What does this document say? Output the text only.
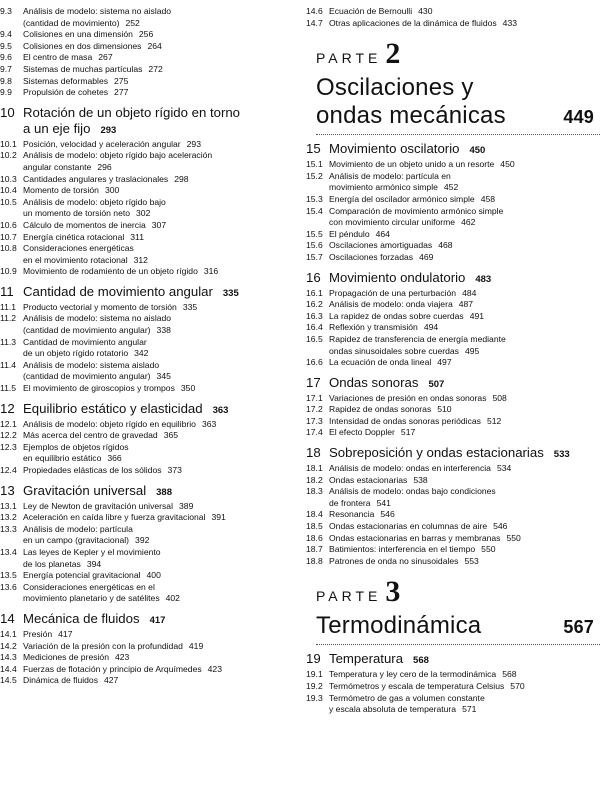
9.3	Análisis de modelo: sistema no aislado
(cantidad de movimiento) 252
9.4	Colisiones en una dimensión 256
9.5	Colisiones en dos dimensiones 264
9.6	El centro de masa 267
9.7	Sistemas de muchas partículas 272
9.8	Sistemas deformables 275
9.9	Propulsión de cohetes 277
10 Rotación de un objeto rígido en torno
a un eje fijo 293
10.1 Posición, velocidad y aceleración angular 293
10.2 Análisis de modelo: objeto rígido bajo aceleración
angular constante 296
10.3 Cantidades angulares y traslacionales 298
10.4 Momento de torsión 300
10.5 Análisis de modelo: objeto rígido bajo
un momento de torsión neto 302
10.6 Cálculo de momentos de inercia 307
10.7 Energía cinética rotacional 311
10.8 Consideraciones energéticas
en el movimiento rotacional 312
10.9 Movimiento de rodamiento de un objeto rígido 316
11 Cantidad de movimiento angular 335
11.1 Producto vectorial y momento de torsión 335
11.2 Análisis de modelo: sistema no aislado
(cantidad de movimiento angular) 338
11.3 Cantidad de movimiento angular
de un objeto rígido rotatorio 342
11.4 Análisis de modelo: sistema aislado
(cantidad de movimiento angular) 345
11.5 El movimiento de giroscopios y trompos 350
12 Equilibrio estático y elasticidad 363
12.1 Análisis de modelo: objeto rígido en equilibrio 363
12.2 Más acerca del centro de gravedad 365
12.3 Ejemplos de objetos rígidos
en equilibrio estático 366
12.4 Propiedades elásticas de los sólidos 373
13 Gravitación universal 388
13.1 Ley de Newton de gravitación universal 389
13.2 Aceleración en caída libre y fuerza gravitacional 391
13.3 Análisis de modelo: partícula
en un campo (gravitacional) 392
13.4 Las leyes de Kepler y el movimiento
de los planetas 394
13.5 Energía potencial gravitacional 400
13.6 Consideraciones energéticas en el
movimiento planetario y de satélites 402
14 Mecánica de fluidos 417
14.1 Presión 417
14.2 Variación de la presión con la profundidad 419
14.3 Mediciones de presión 423
14.4 Fuerzas de flotación y principio de Arquímedes 423
14.5 Dinámica de fluidos 427
14.6 Ecuación de Bernoulli 430
14.7 Otras aplicaciones de la dinámica de fluidos 433
PARTE 2
Oscilaciones y
ondas mecánicas	449
15 Movimiento oscilatorio 450
15.1 Movimiento de un objeto unido a un resorte 450
15.2 Análisis de modelo: partícula en
movimiento armónico simple 452
15.3 Energía del oscilador armónico simple 458
15.4 Comparación de movimiento armónico simple
con movimiento circular uniforme 462
15.5 El péndulo 464
15.6 Oscilaciones amortiguadas 468
15.7 Oscilaciones forzadas 469
16 Movimiento ondulatorio 483
16.1 Propagación de una perturbación 484
16.2 Análisis de modelo: onda viajera 487
16.3 La rapidez de ondas sobre cuerdas 491
16.4 Reflexión y transmisión 494
16.5 Rapidez de transferencia de energía mediante
ondas sinusoidales sobre cuerdas 495
16.6 La ecuación de onda lineal 497
17 Ondas sonoras 507
17.1 Variaciones de presión en ondas sonoras 508
17.2 Rapidez de ondas sonoras 510
17.3 Intensidad de ondas sonoras periódicas 512
17.4 El efecto Doppler 517
18 Sobreposición y ondas estacionarias 533
18.1 Análisis de modelo: ondas en interferencia 534
18.2 Ondas estacionarias 538
18.3 Análisis de modelo: ondas bajo condiciones
de frontera 541
18.4 Resonancia 546
18.5 Ondas estacionarias en columnas de aire 546
18.6 Ondas estacionarias en barras y membranas 550
18.7 Batimientos: interferencia en el tiempo 550
18.8 Patrones de onda no sinusoidales 553
PARTE 3
Termodinámica	567
19 Temperatura 568
19.1 Temperatura y ley cero de la termodinámica 568
19.2 Termómetros y escala de temperatura Celsius 570
19.3 Termómetro de gas a volumen constante
y escala absoluta de temperatura 571
